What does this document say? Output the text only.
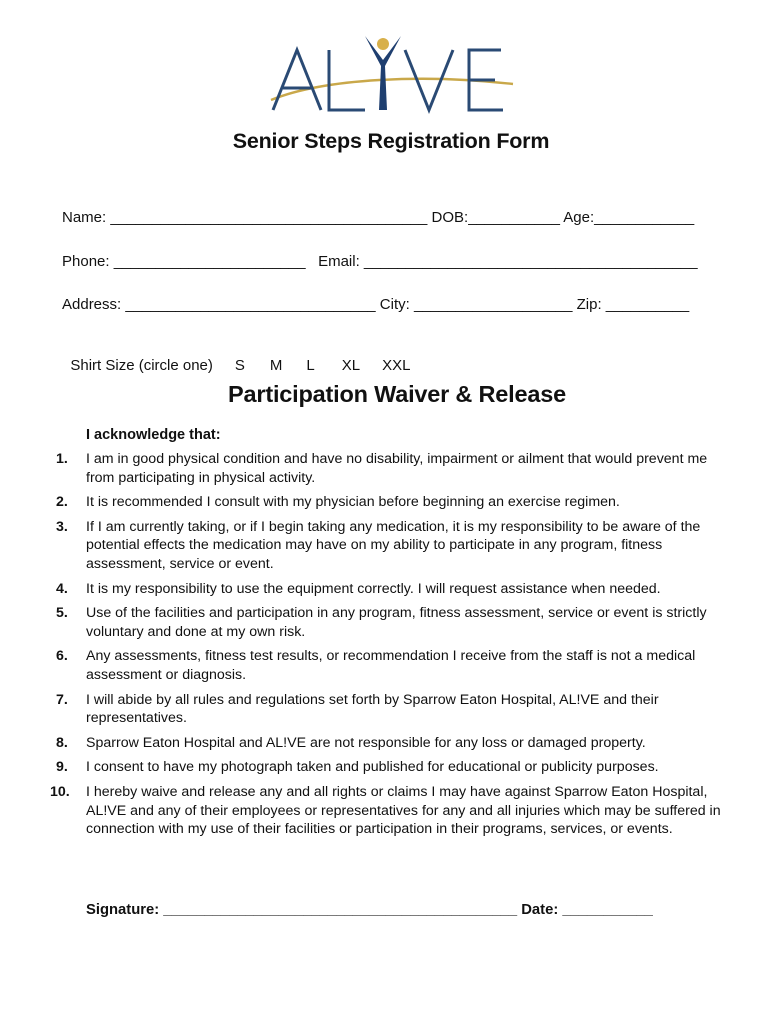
Senior Steps Registration Form
Name: ______________________________________ DOB:___________ Age:____________
Phone: _______________________   Email: ________________________________________
Address: ______________________________ City: ___________________ Zip: __________

Shirt Size (circle one) S M L XL XXL

Participation Waiver & Release
I acknowledge that:
1.	I am in good physical condition and have no disability, impairment or ailment that would prevent me from participating in physical activity.
2.	It is recommended I consult with my physician before beginning an exercise regimen.
3.	If I am currently taking, or if I begin taking any medication, it is my responsibility to be aware of the potential effects the medication may have on my ability to participate in any program, fitness assessment, service or event.
4.	It is my responsibility to use the equipment correctly. I will request assistance when needed.
5.	Use of the facilities and participation in any program, fitness assessment, service or event is strictly voluntary and done at my own risk.
6.	Any assessments, fitness test results, or recommendation I receive from the staff is not a medical assessment or diagnosis.
7.	I will abide by all rules and regulations set forth by Sparrow Eaton Hospital, AL!VE and their representatives.
8.	Sparrow Eaton Hospital and AL!VE are not responsible for any loss or damaged property.
9.	I consent to have my photograph taken and published for educational or publicity purposes.
10.	I hereby waive and release any and all rights or claims I may have against Sparrow Eaton Hospital, AL!VE and any of their employees or representatives for any and all injuries which may be suffered in connection with my use of their facilities or participation in their programs, services, or events.
Signature: ___________________________________________ Date: ___________
